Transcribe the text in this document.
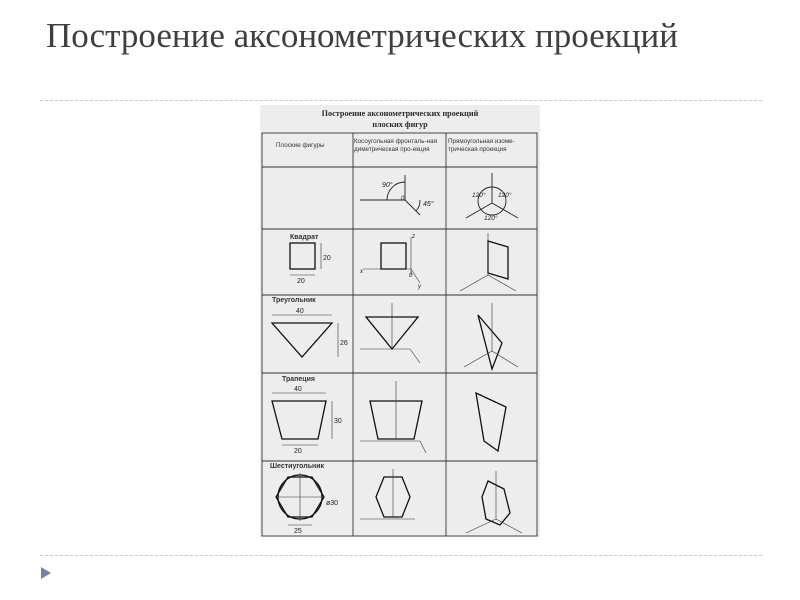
Построение аксонометрических проекций
Построение аксонометрических проекций
плоских фигур
Плоские фигуры
Косоугольная фронталь-ная диметрическая про-екция
Прямоугольная изоме-трическая проекция
Квадрат
Треугольник
Трапеция
Шестиугольник
90°
45°
0	120° 120°
120°
20
20
z
x
0
y
40
26
40
30
20
ø30
25
